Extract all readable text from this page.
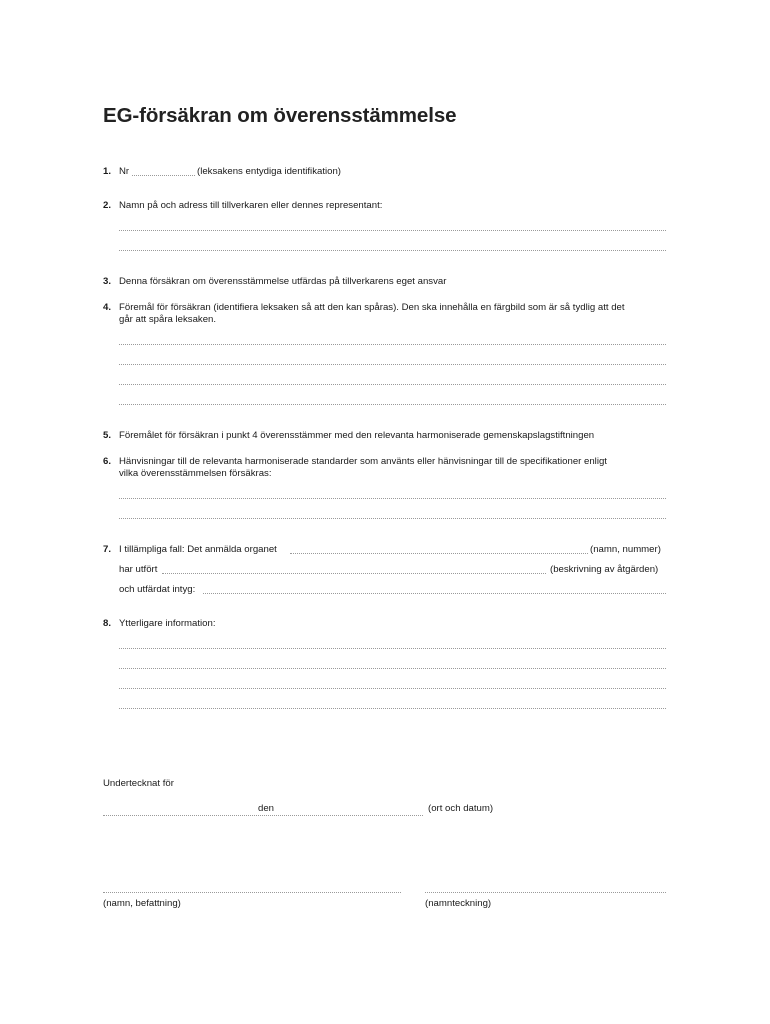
EG-försäkran om överensstämmelse
1. Nr	(leksakens entydiga identifikation)
2. Namn på och adress till tillverkaren eller dennes representant:
3. Denna försäkran om överensstämmelse utfärdas på tillverkarens eget ansvar
4. Föremål för försäkran (identifiera leksaken så att den kan spåras). Den ska innehålla en färgbild som är så tydlig att det
går att spåra leksaken.
5. Föremålet för försäkran i punkt 4 överensstämmer med den relevanta harmoniserade gemenskapslagstiftningen
6. Hänvisningar till de relevanta harmoniserade standarder som använts eller hänvisningar till de specifikationer enligt
vilka överensstämmelsen försäkras:
7. I tillämpliga fall: Det anmälda organet	(namn, nummer)
har utfört	(beskrivning av åtgärden)
och utfärdat intyg:
8. Ytterligare information:
Undertecknat för
den	(ort och datum)
(namn, befattning)	(namnteckning)
